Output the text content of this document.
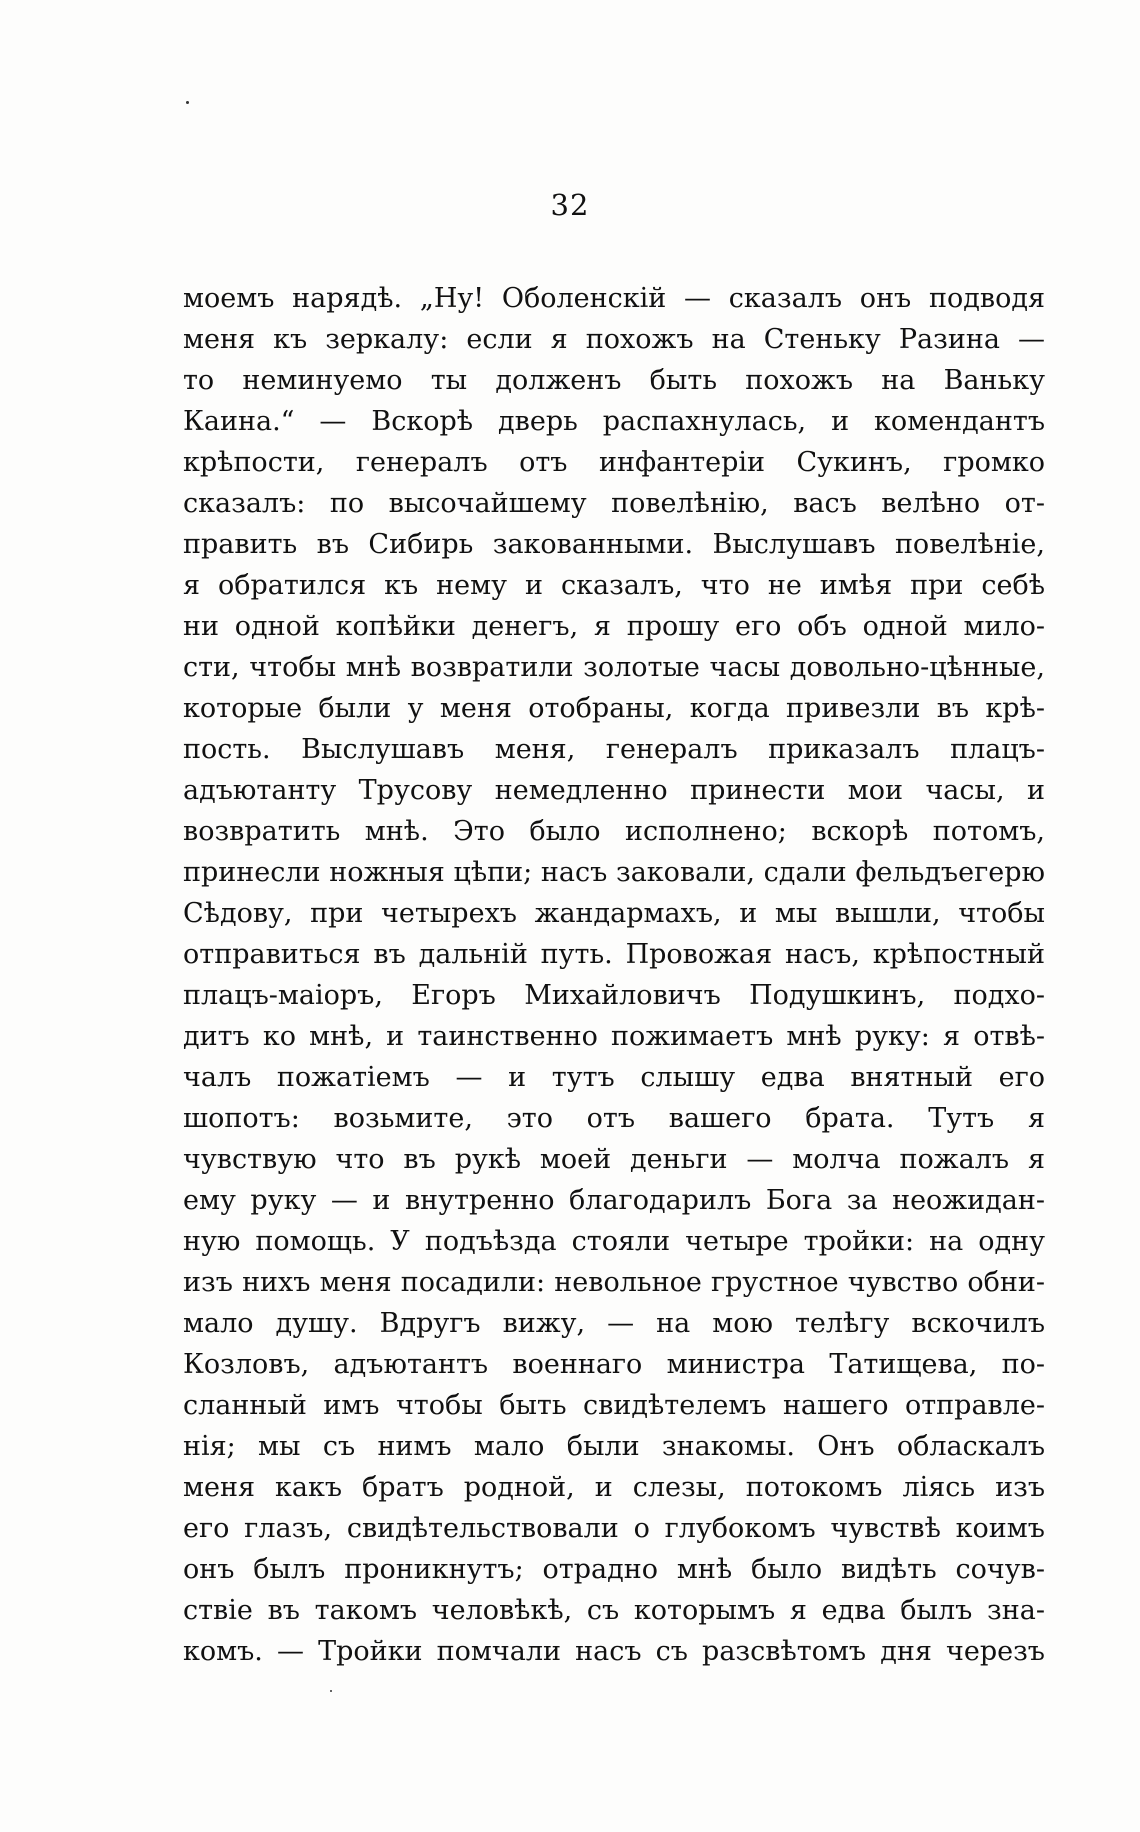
32
моемъ нарядѣ. „Ну! Оболенскій — сказалъ онъ подводя
меня къ зеркалу: если я похожъ на Стеньку Разина —
то неминуемо ты долженъ быть похожъ на Ваньку
Каина.“ — Вскорѣ дверь распахнулась, и комендантъ
крѣпости, генералъ отъ инфантеріи Сукинъ, громко
сказалъ: по высочайшему повелѣнію, васъ велѣно от-
править въ Сибирь закованными. Выслушавъ повелѣніе,
я обратился къ нему и сказалъ, что не имѣя при себѣ
ни одной копѣйки денегъ, я прошу его объ одной мило-
сти, чтобы мнѣ возвратили золотые часы довольно-цѣнные,
которые были у меня отобраны, когда привезли въ крѣ-
пость. Выслушавъ меня, генералъ приказалъ плацъ-
адъютанту Трусову немедленно принести мои часы, и
возвратить мнѣ. Это было исполнено; вскорѣ потомъ,
принесли ножныя цѣпи; насъ заковали, сдали фельдъегерю
Сѣдову, при четырехъ жандармахъ, и мы вышли, чтобы
отправиться въ дальній путь. Провожая насъ, крѣпостный
плацъ-маіоръ, Егоръ Михайловичъ Подушкинъ, подхо-
дитъ ко мнѣ, и таинственно пожимаетъ мнѣ руку: я отвѣ-
чалъ пожатіемъ — и тутъ слышу едва внятный его
шопотъ: возьмите, это отъ вашего брата. Тутъ я
чувствую что въ рукѣ моей деньги — молча пожалъ я
ему руку — и внутренно благодарилъ Бога за неожидан-
ную помощь. У подъѣзда стояли четыре тройки: на одну
изъ нихъ меня посадили: невольное грустное чувство обни-
мало душу. Вдругъ вижу, — на мою телѣгу вскочилъ
Козловъ, адъютантъ военнаго министра Татищева, по-
сланный имъ чтобы быть свидѣтелемъ нашего отправле-
нія; мы съ нимъ мало были знакомы. Онъ обласкалъ
меня какъ братъ родной, и слезы, потокомъ ліясь изъ
его глазъ, свидѣтельствовали о глубокомъ чувствѣ коимъ
онъ былъ проникнутъ; отрадно мнѣ было видѣть сочув-
ствіе въ такомъ человѣкѣ, съ которымъ я едва былъ зна-
комъ. — Тройки помчали насъ съ разсвѣтомъ дня черезъ
